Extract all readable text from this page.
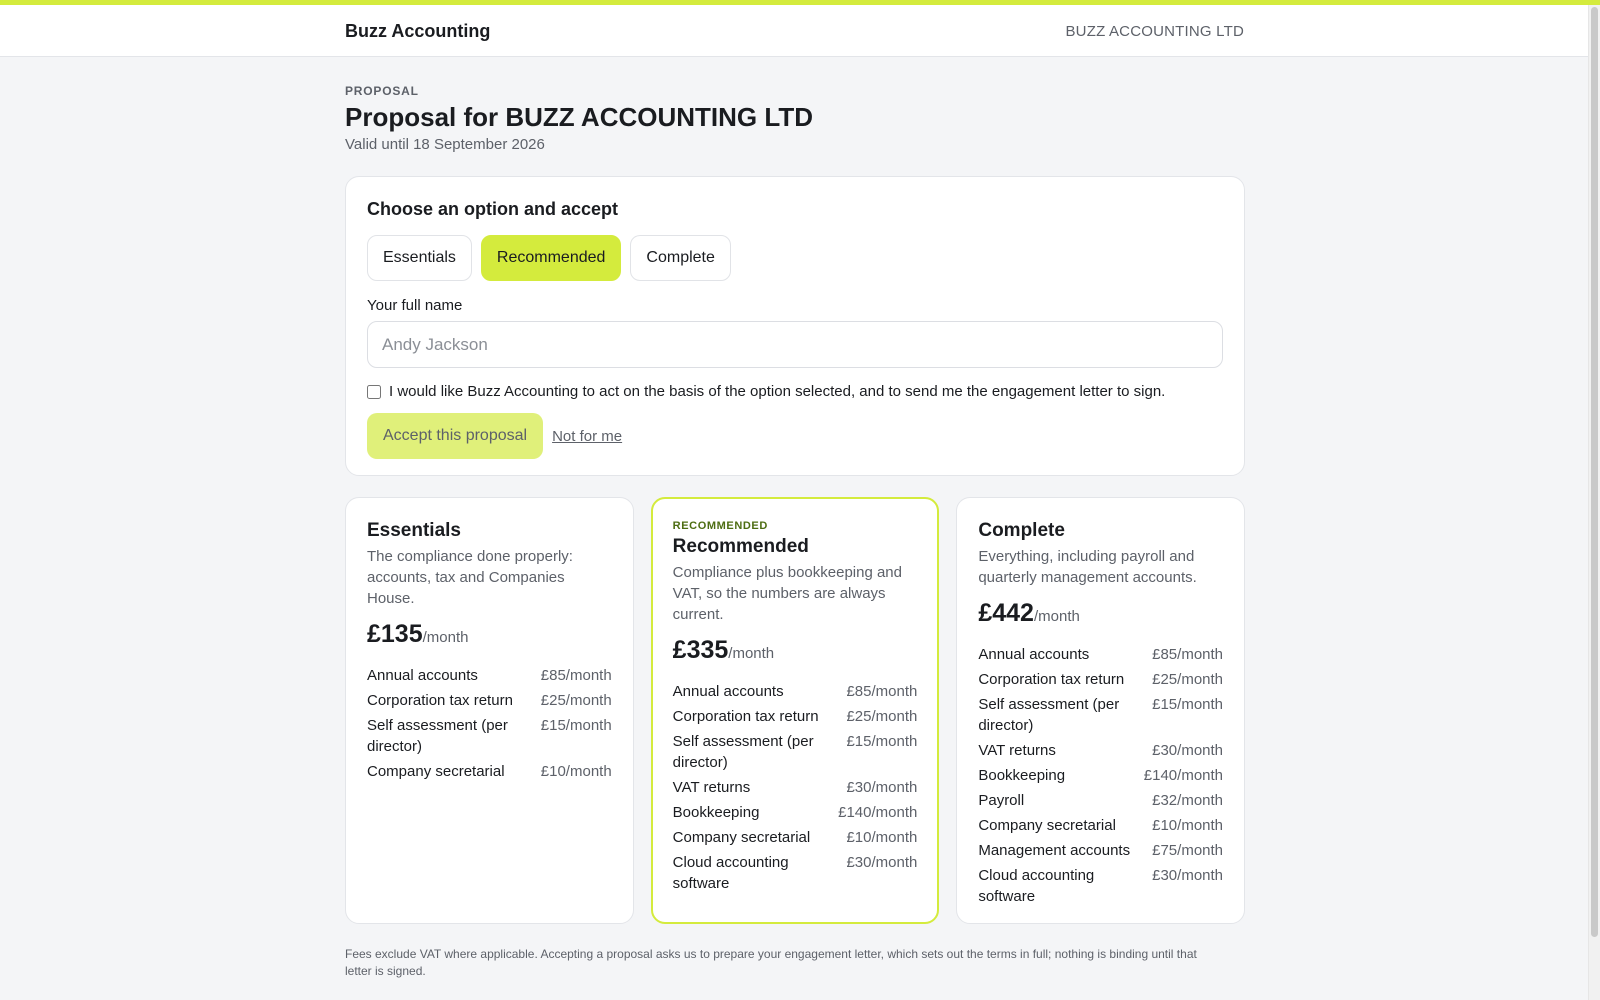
Buzz Accounting	BUZZ ACCOUNTING LTD
PROPOSAL
Proposal for BUZZ ACCOUNTING LTD
Valid until 18 September 2026
Choose an option and accept
Essentials	Recommended	Complete
Your full name
Andy Jackson
I would like Buzz Accounting to act on the basis of the option selected, and to send me the engagement letter to sign.
Accept this proposal	Not for me
Essentials

The compliance done properly: accounts, tax and Companies House.

£135/month
Annual accounts	£85/month
Corporation tax return £25/month
Self assessment (per director)
£15/month
Company secretarial £10/month
RECOMMENDED
Recommended

Compliance plus bookkeeping and VAT, so the numbers are always current.

£335/month
Annual accounts	£85/month
Corporation tax return £25/month
Self assessment (per director)
£15/month
VAT returns	£30/month
Bookkeeping	£140/month
Company secretarial £10/month
Cloud accounting software
£30/month
Complete

Everything, including payroll and quarterly management accounts.

£442/month
Annual accounts	£85/month
Corporation tax return £25/month
Self assessment (per director)
£15/month
VAT returns	£30/month
Bookkeeping	£140/month
Payroll	£32/month
Company secretarial £10/month
Management accounts £75/month
Cloud accounting software
£30/month

Fees exclude VAT where applicable. Accepting a proposal asks us to prepare your engagement letter, which sets out the terms in full; nothing is binding until that letter is signed.
